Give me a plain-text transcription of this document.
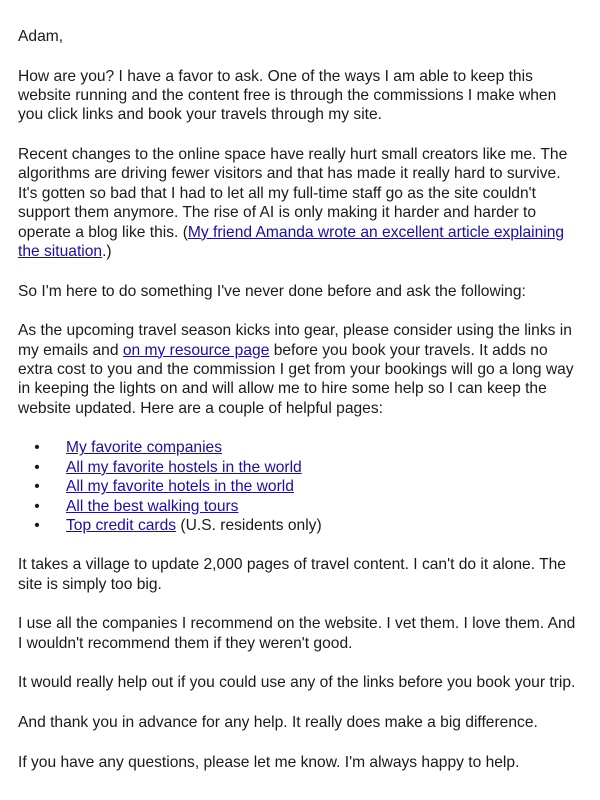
Adam,

How are you? I have a favor to ask. One of the ways I am able to keep this website running and the content free is through the commissions I make when you click links and book your travels through my site.

Recent changes to the online space have really hurt small creators like me. The algorithms are driving fewer visitors and that has made it really hard to survive. It's gotten so bad that I had to let all my full-time staff go as the site couldn't support them anymore. The rise of AI is only making it harder and harder to operate a blog like this. (My friend Amanda wrote an excellent article explaining the situation.)

So I'm here to do something I've never done before and ask the following:

As the upcoming travel season kicks into gear, please consider using the links in my emails and on my resource page before you book your travels. It adds no extra cost to you and the commission I get from your bookings will go a long way in keeping the lights on and will allow me to hire some help so I can keep the website updated. Here are a couple of helpful pages:

• My favorite companies
• All my favorite hostels in the world
• All my favorite hotels in the world
• All the best walking tours
• Top credit cards (U.S. residents only)

It takes a village to update 2,000 pages of travel content. I can't do it alone. The site is simply too big.

I use all the companies I recommend on the website. I vet them. I love them. And I wouldn't recommend them if they weren't good.

It would really help out if you could use any of the links before you book your trip.

And thank you in advance for any help. It really does make a big difference.

If you have any questions, please let me know. I'm always happy to help.
